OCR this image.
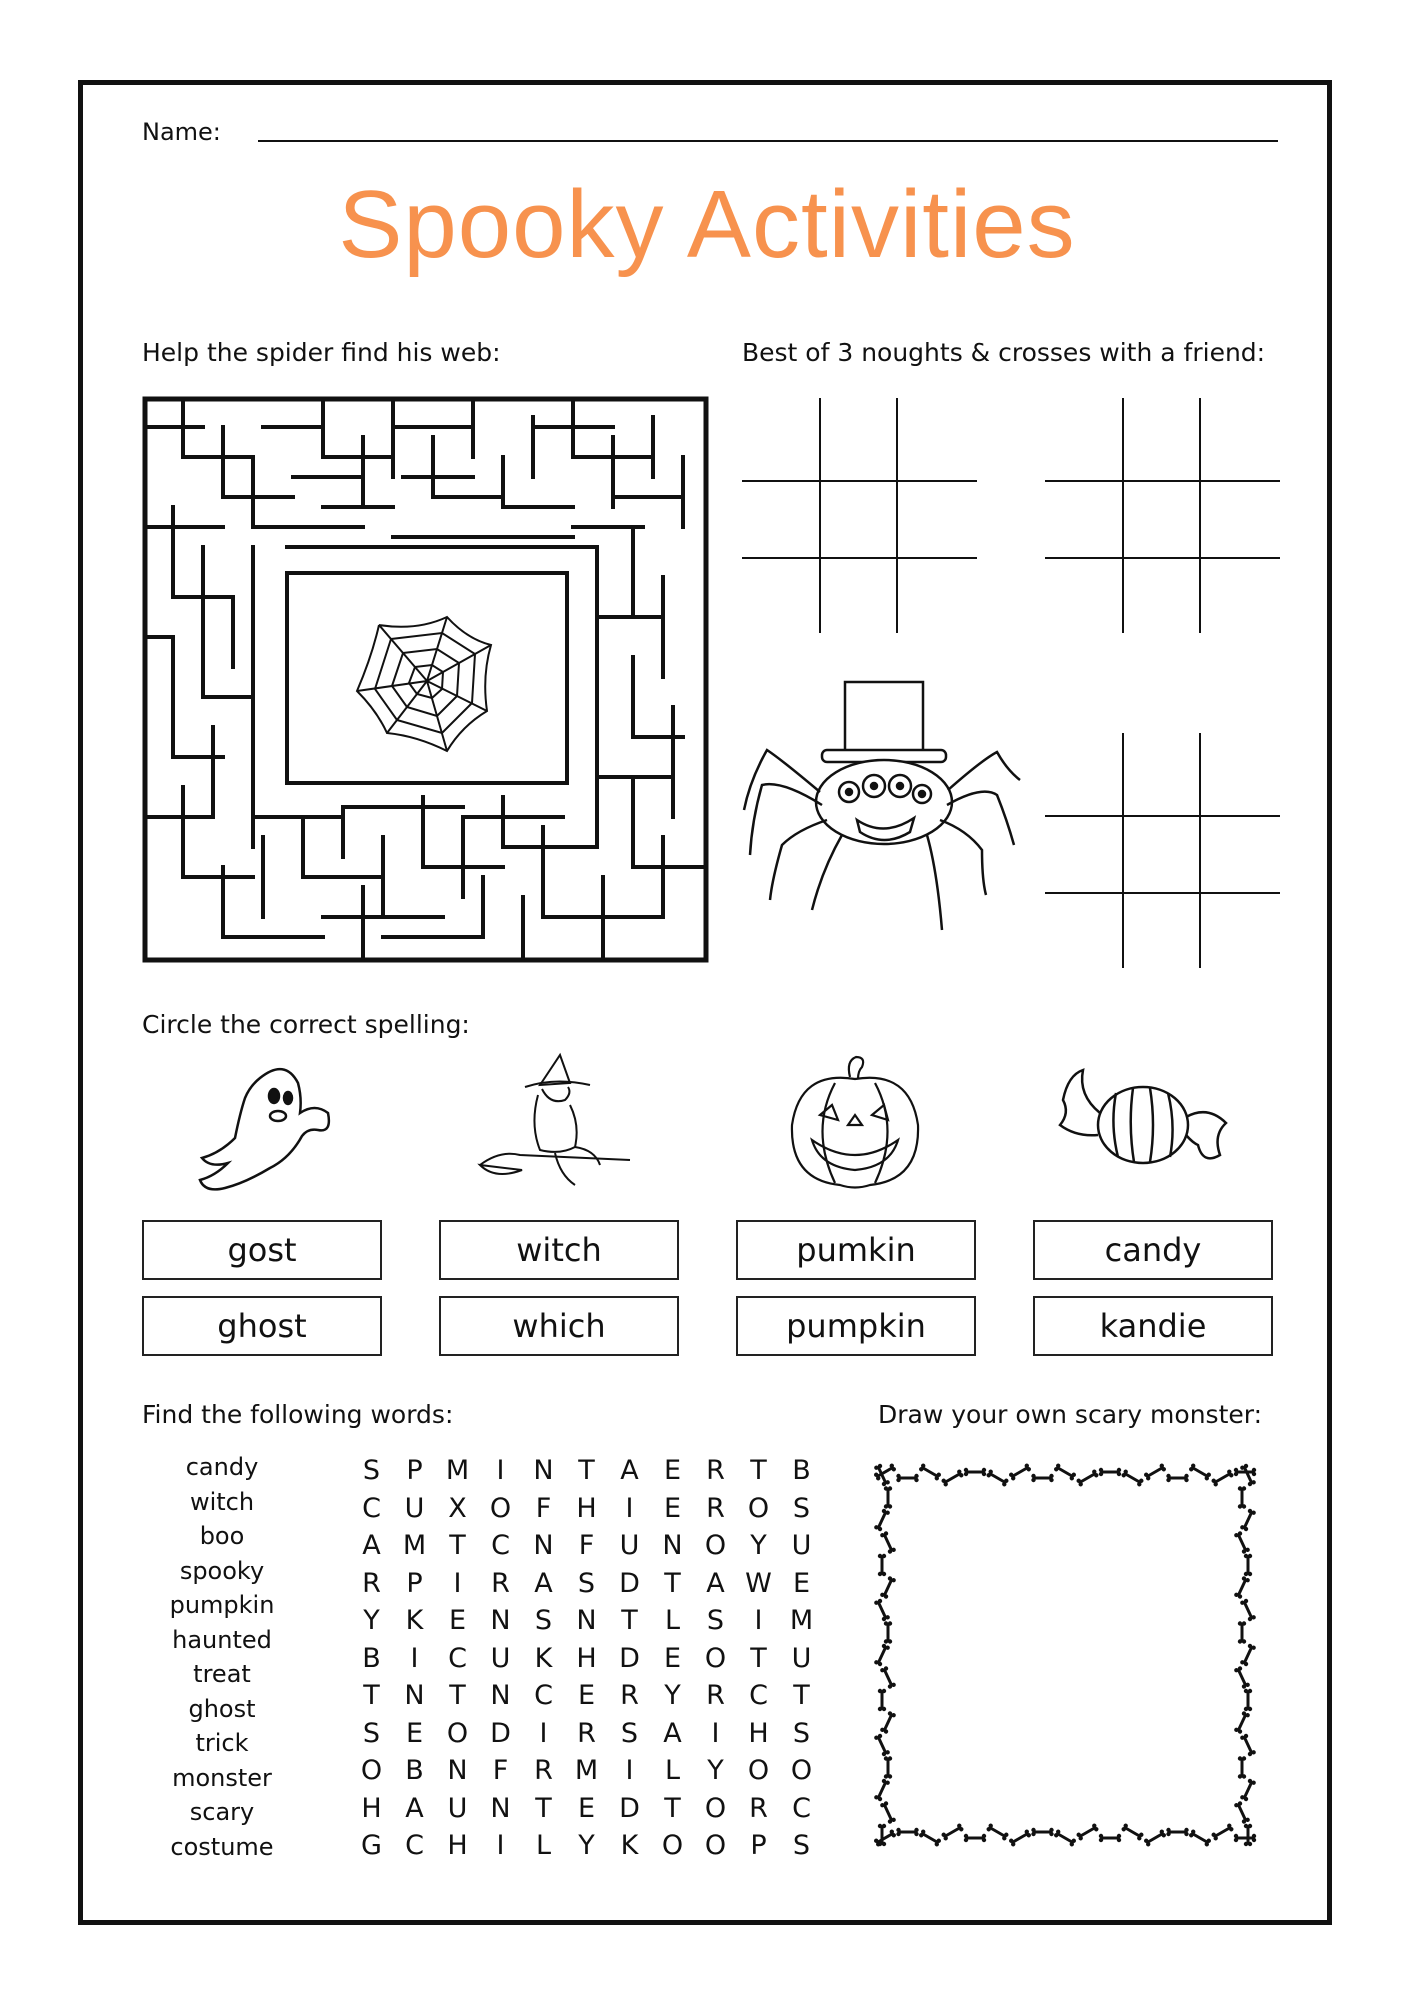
Name:
Spooky Activities
Help the spider find his web:	Best of 3 noughts & crosses with a friend:
Circle the correct spelling:
gost
ghost
witch
which
pumkin
pumpkin
candy
kandie
Find the following words:
candy
witch
boo
spooky
pumpkin
haunted
treat
ghost
trick
monster
scary
costume
S P M	I	N T A E R T B
C U X O F H	I	E R O S
A M T C N F U N O Y U
R P	I	R A S D T A W E
Y K E N S N T	L S	I	M
B	I	C U K H D E O T U
T N T N C E R Y R C T
S E O D	I	R S A	I	H S
O B N F R M	I	L	Y O O
H A U N T E D T O R C
G C H	I	L	Y K O O P S
Draw your own scary monster:
